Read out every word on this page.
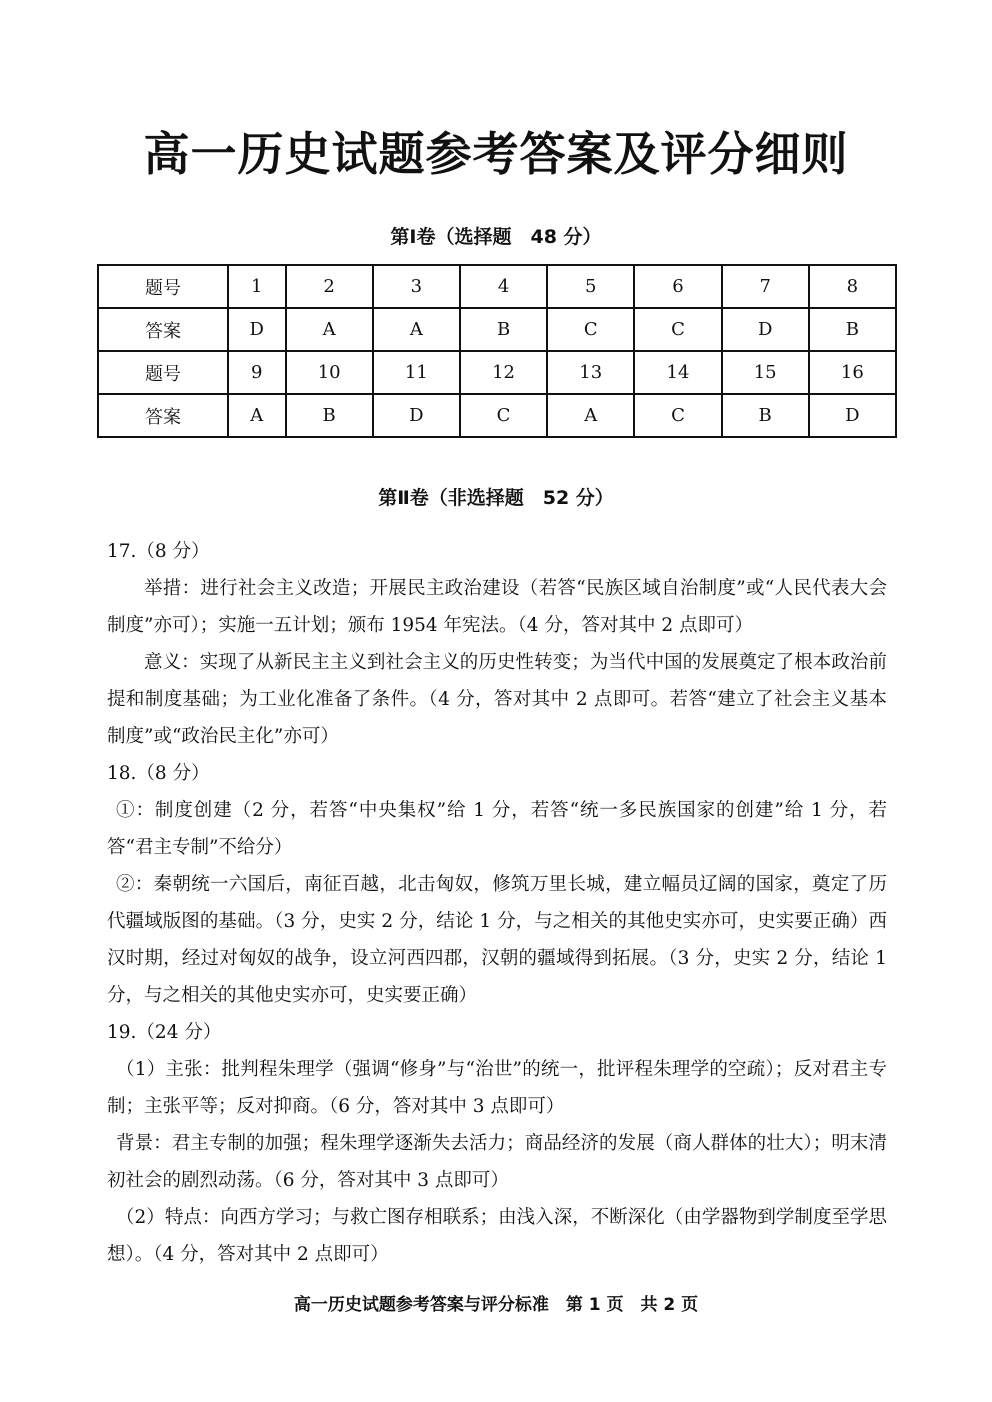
高一历史试题参考答案及评分细则
第Ⅰ卷（选择题　48 分）
题号	1	2	3	4	5	6	7	8
答案	D	A	A	B	C	C	D	B
题号	9	10	11	12	13	14	15	16
答案	A	B	D	C	A	C	B	D
第Ⅱ卷（非选择题　52 分）

17.（8 分）

举措：进行社会主义改造；开展民主政治建设（若答“民族区域自治制度”或“人民代表大会制度”亦可）；实施一五计划；颁布 1954 年宪法。（4 分，答对其中 2 点即可）

意义：实现了从新民主主义到社会主义的历史性转变；为当代中国的发展奠定了根本政治前提和制度基础；为工业化准备了条件。（4 分，答对其中 2 点即可。若答“建立了社会主义基本制度”或“政治民主化”亦可）

18.（8 分）

①：制度创建（2 分，若答“中央集权”给 1 分，若答“统一多民族国家的创建”给 1 分，若答“君主专制”不给分）

②：秦朝统一六国后，南征百越，北击匈奴，修筑万里长城，建立幅员辽阔的国家，奠定了历代疆域版图的基础。（3 分，史实 2 分，结论 1 分，与之相关的其他史实亦可，史实要正确）西汉时期，经过对匈奴的战争，设立河西四郡，汉朝的疆域得到拓展。（3 分，史实 2 分，结论 1 分，与之相关的其他史实亦可，史实要正确）

19.（24 分）

（1）主张：批判程朱理学（强调“修身”与“治世”的统一，批评程朱理学的空疏）；反对君主专制；主张平等；反对抑商。（6 分，答对其中 3 点即可）

背景：君主专制的加强；程朱理学逐渐失去活力；商品经济的发展（商人群体的壮大）；明末清初社会的剧烈动荡。（6 分，答对其中 3 点即可）

（2）特点：向西方学习；与救亡图存相联系；由浅入深，不断深化（由学器物到学制度至学思想）。（4 分，答对其中 2 点即可）

高一历史试题参考答案与评分标准　第 1 页　共 2 页
